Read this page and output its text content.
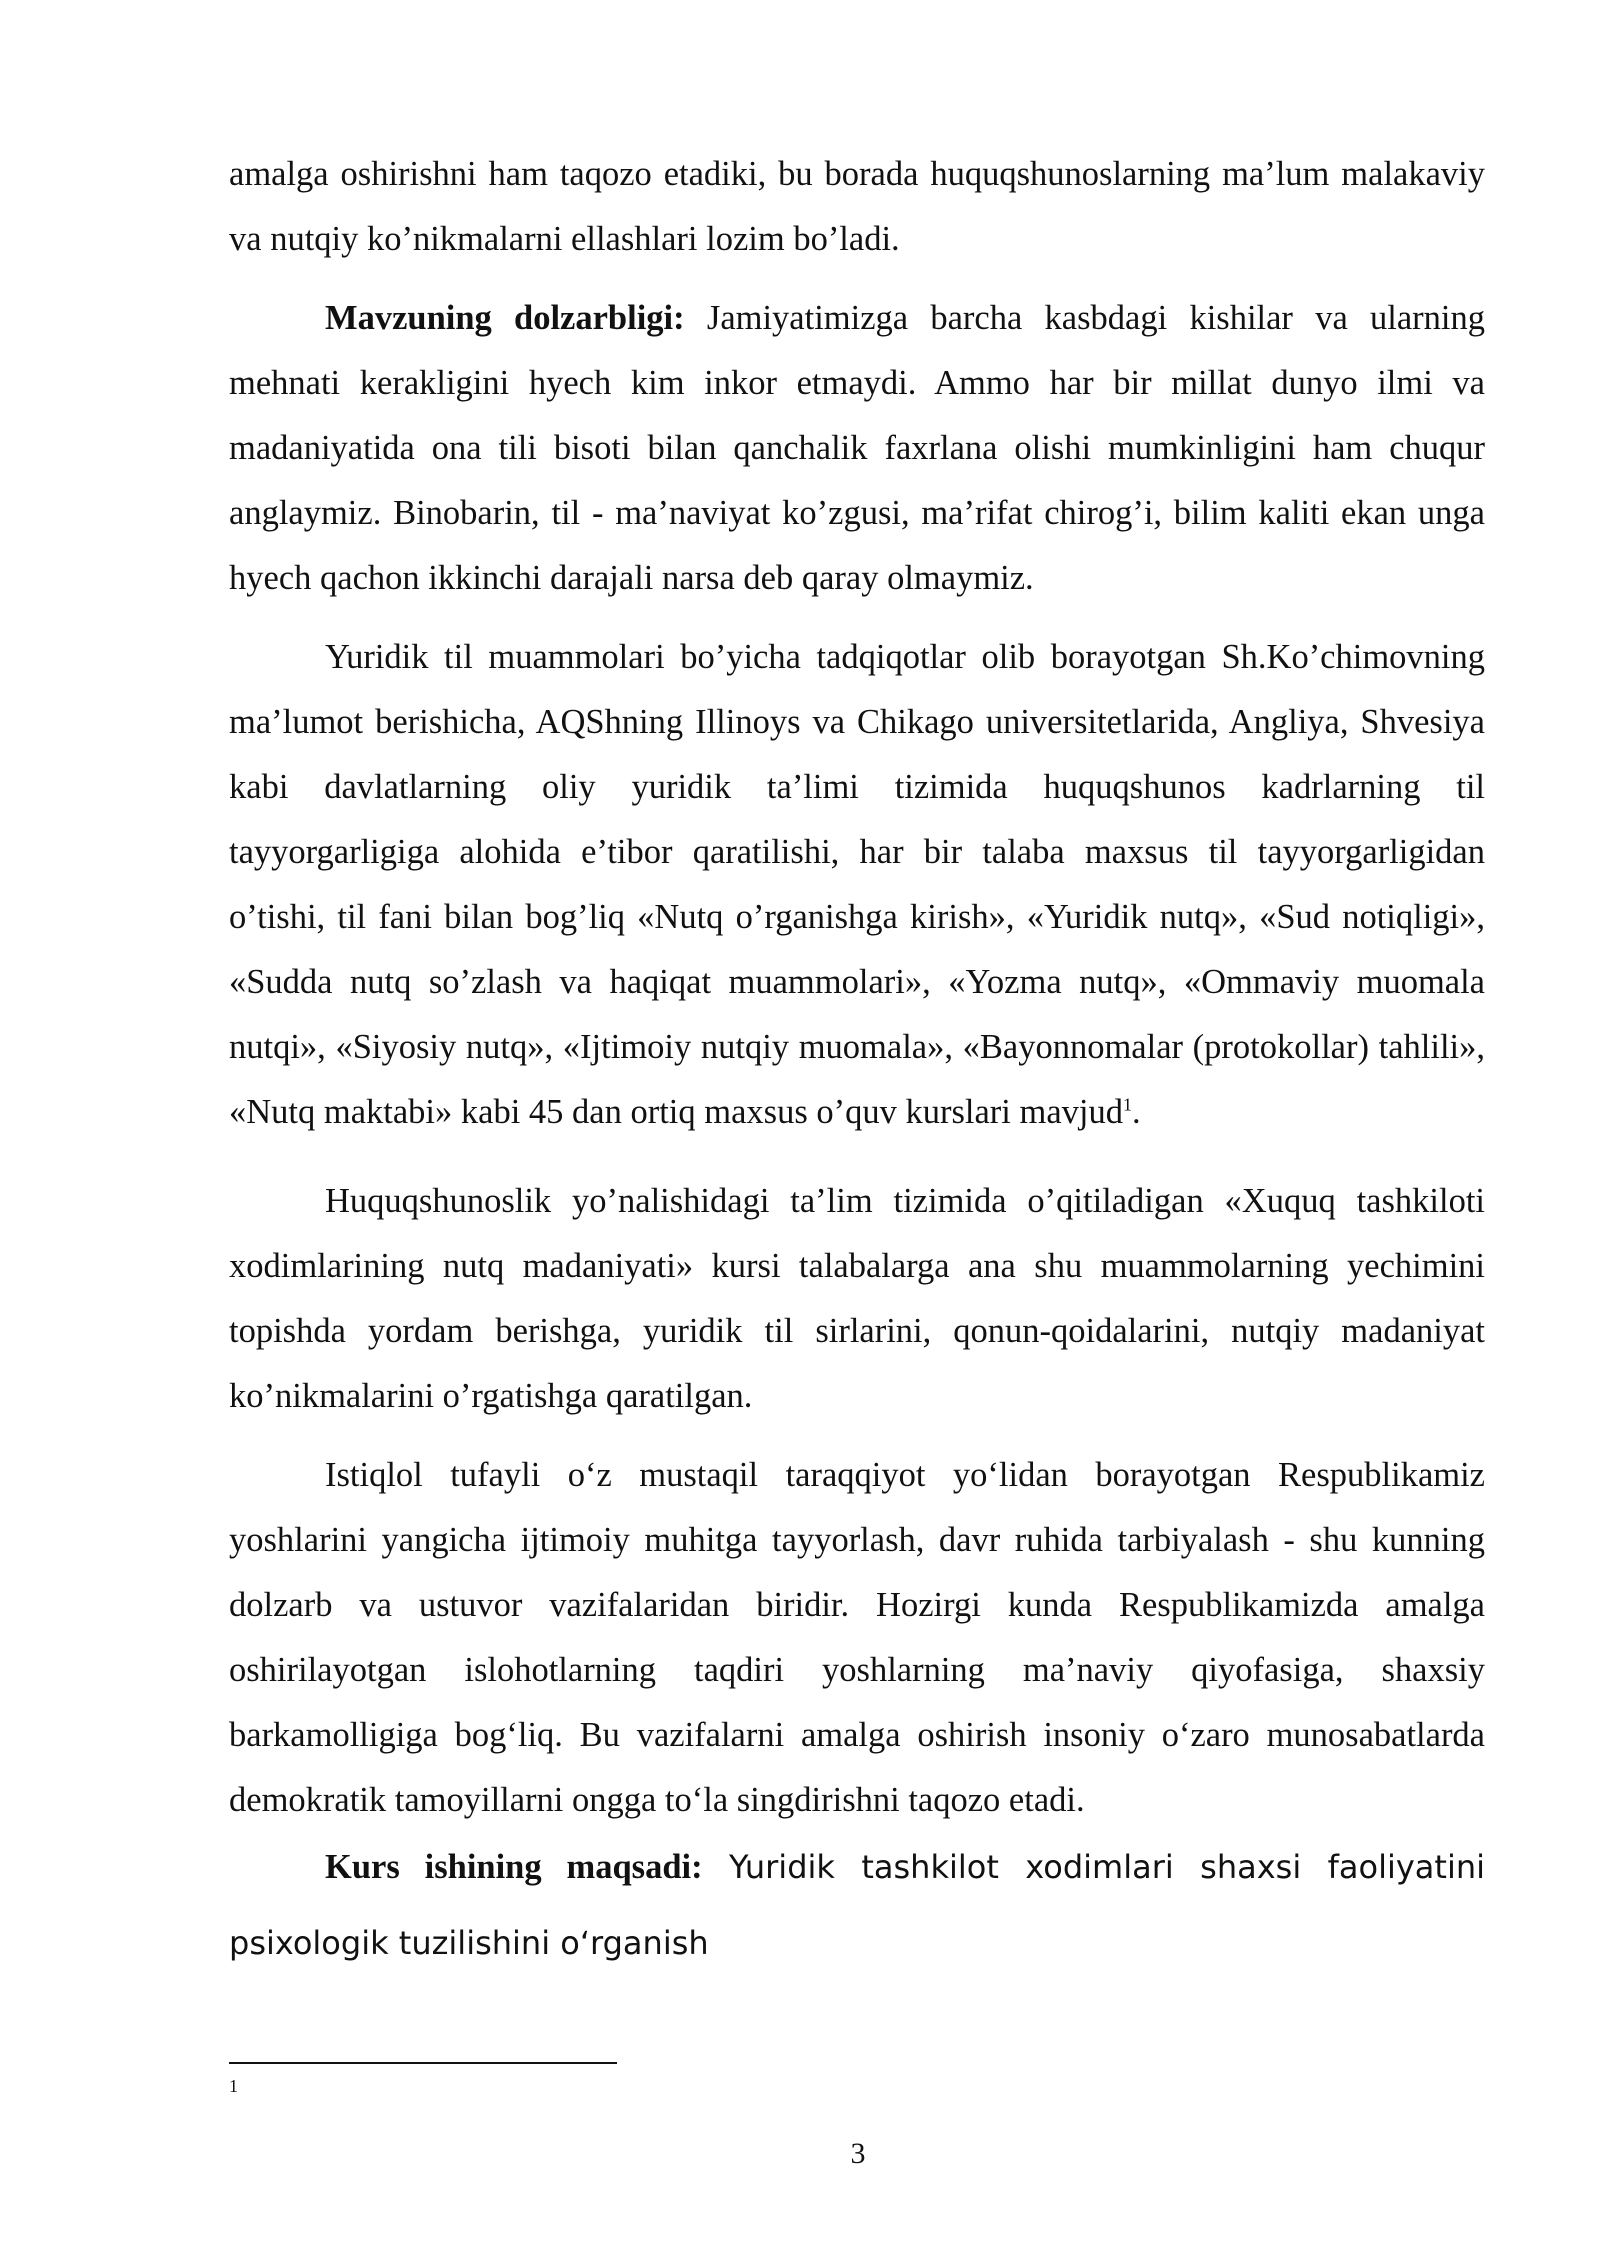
amalga oshirishni ham taqozo etadiki, bu borada huquqshunoslarning ma’lum malakaviy va nutqiy ko’nikmalarni ellashlari lozim bo’ladi.

Mavzuning dolzarbligi: Jamiyatimizga barcha kasbdagi kishilar va ularning mehnati kerakligini hyech kim inkor etmaydi. Ammo har bir millat dunyo ilmi va madaniyatida ona tili bisoti bilan qanchalik faxrlana olishi mumkinligini ham chuqur anglaymiz. Binobarin, til - ma’naviyat ko’zgusi, ma’rifat chirog’i, bilim kaliti ekan unga hyech qachon ikkinchi darajali narsa deb qaray olmaymiz.

Yuridik til muammolari bo’yicha tadqiqotlar olib borayotgan Sh.Ko’chimovning ma’lumot berishicha, AQShning Illinoys va Chikago universitetlarida, Angliya, Shvesiya kabi davlatlarning oliy yuridik ta’limi tizimida huquqshunos kadrlarning til tayyorgarligiga alohida e’tibor qaratilishi, har bir talaba maxsus til tayyorgarligidan o’tishi, til fani bilan bog’liq «Nutq o’rganishga kirish», «Yuridik nutq», «Sud notiqligi», «Sudda nutq so’zlash va haqiqat muammolari», «Yozma nutq», «Ommaviy muomala nutqi», «Siyosiy nutq», «Ijtimoiy nutqiy muomala», «Bayonnomalar (protokollar) tahlili», «Nutq maktabi» kabi 45 dan ortiq maxsus o’quv kurslari mavjud$^1$.

Huquqshunoslik yo’nalishidagi ta’lim tizimida o’qitiladigan «Xuquq tashkiloti xodimlarining nutq madaniyati» kursi talabalarga ana shu muammolarning yechimini topishda yordam berishga, yuridik til sirlarini, qonun-qoidalarini, nutqiy madaniyat ko’nikmalarini o’rgatishga qaratilgan.

Istiqlol tufayli o‘z mustaqil taraqqiyot yo‘lidan borayotgan Respublikamiz yoshlarini yangicha ijtimoiy muhitga tayyorlash, davr ruhida tarbiyalash - shu kunning dolzarb va ustuvor vazifalaridan biridir. Hozirgi kunda Respublikamizda amalga oshirilayotgan islohotlarning taqdiri yoshlarning ma’naviy qiyofasiga, shaxsiy barkamolligiga bog‘liq. Bu vazifalarni amalga oshirish insoniy o‘zaro munosabatlarda demokratik tamoyillarni ongga to‘la singdirishni taqozo etadi.

Kurs ishining maqsadi: Yuridik tashkilot xodimlari shaxsi faoliyatini psixologik tuzilishini o‘rganish

1
3
